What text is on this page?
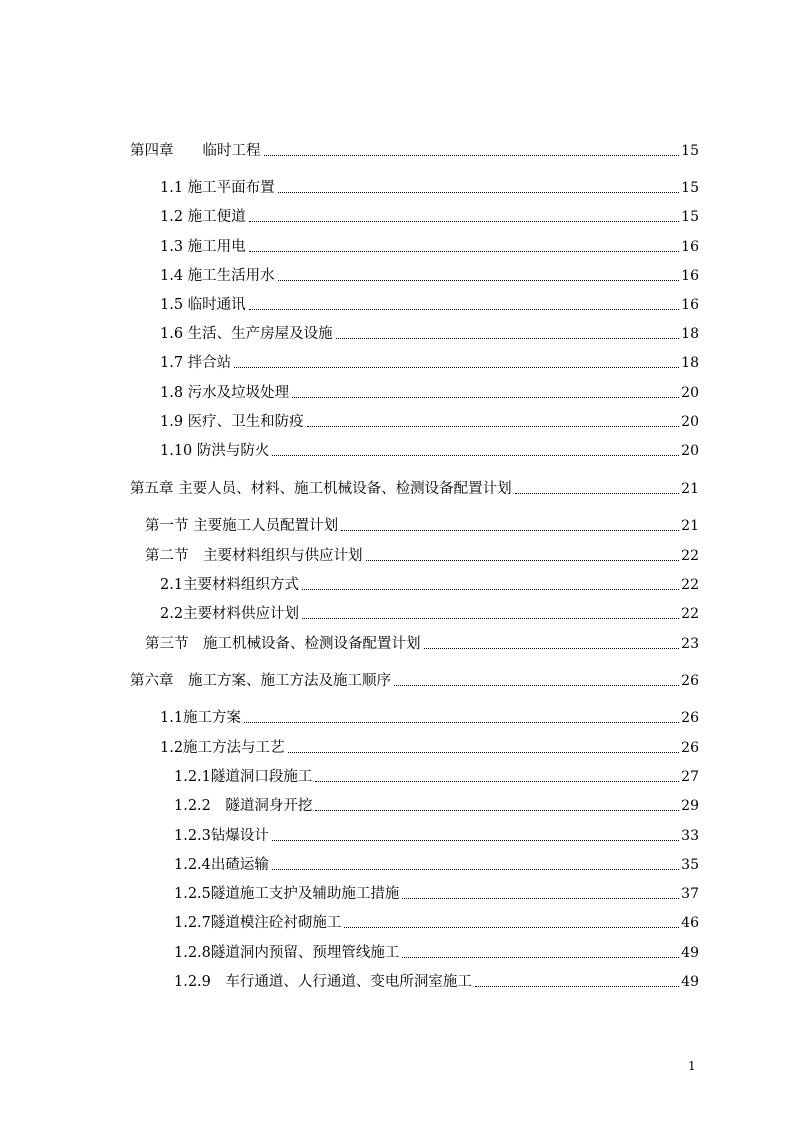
第四章　　临时工程	15
1.1 施工平面布置	15
1.2 施工便道	15
1.3 施工用电	16
1.4 施工生活用水	16
1.5 临时通讯	16
1.6 生活、生产房屋及设施	18
1.7 拌合站	18
1.8 污水及垃圾处理	20
1.9 医疗、卫生和防疫	20
1.10 防洪与防火	20
第五章 主要人员、材料、施工机械设备、检测设备配置计划	21
第一节 主要施工人员配置计划	21
第二节　主要材料组织与供应计划	22
2.1主要材料组织方式	22
2.2主要材料供应计划	22
第三节　施工机械设备、检测设备配置计划	23
第六章　施工方案、施工方法及施工顺序	26
1.1施工方案	26
1.2施工方法与工艺	26
1.2.1隧道洞口段施工	27
1.2.2　隧道洞身开挖	29
1.2.3钻爆设计	33
1.2.4出碴运输	35
1.2.5隧道施工支护及辅助施工措施	37
1.2.7隧道模注砼衬砌施工	46
1.2.8隧道洞内预留、预埋管线施工	49
1.2.9　车行通道、人行通道、变电所洞室施工	49
1
